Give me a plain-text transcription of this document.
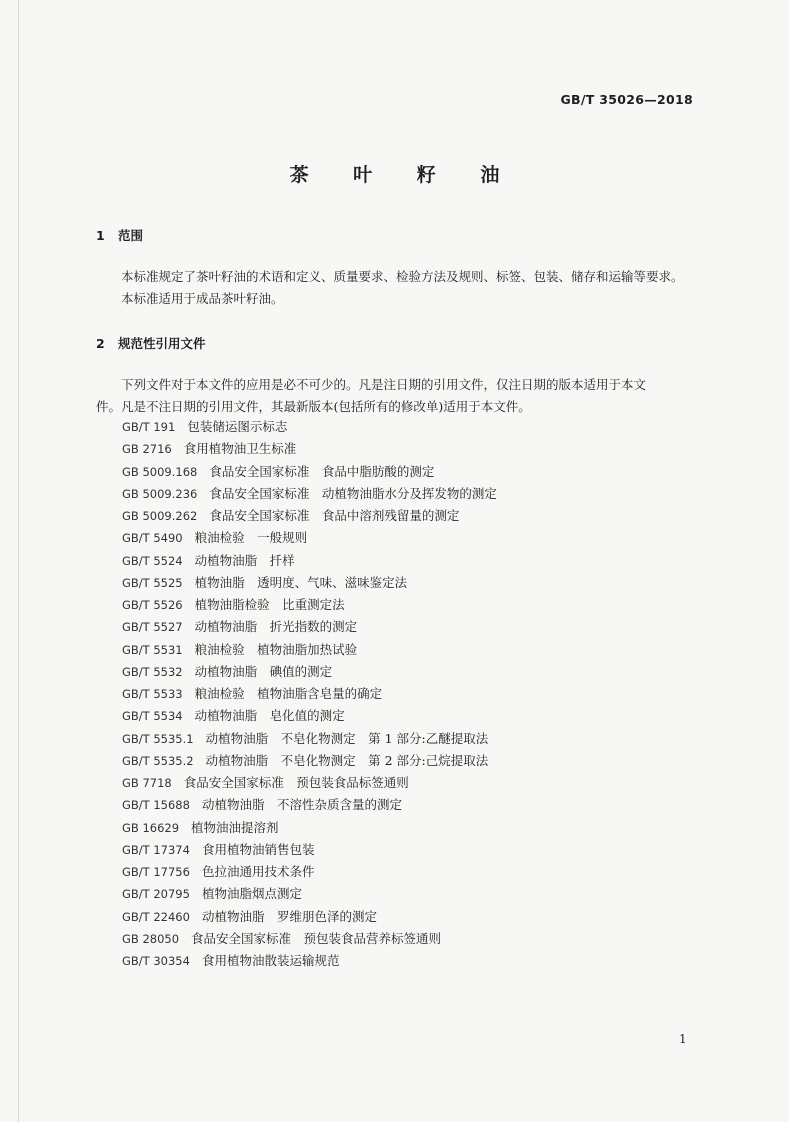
GB/T 35026—2018
茶 叶 籽 油
1 范围
本标准规定了茶叶籽油的术语和定义、质量要求、检验方法及规则、标签、包装、储存和运输等要求。
本标准适用于成品茶叶籽油。
2 规范性引用文件
下列文件对于本文件的应用是必不可少的。凡是注日期的引用文件，仅注日期的版本适用于本文
件。凡是不注日期的引用文件，其最新版本(包括所有的修改单)适用于本文件。
GB/T 191 包装储运图示标志
GB 2716 食用植物油卫生标准
GB 5009.168 食品安全国家标准　食品中脂肪酸的测定
GB 5009.236 食品安全国家标准　动植物油脂水分及挥发物的测定
GB 5009.262 食品安全国家标准　食品中溶剂残留量的测定
GB/T 5490 粮油检验　一般规则
GB/T 5524 动植物油脂　扦样
GB/T 5525 植物油脂　透明度、气味、滋味鉴定法
GB/T 5526 植物油脂检验　比重测定法
GB/T 5527 动植物油脂　折光指数的测定
GB/T 5531 粮油检验　植物油脂加热试验
GB/T 5532 动植物油脂　碘值的测定
GB/T 5533 粮油检验　植物油脂含皂量的确定
GB/T 5534 动植物油脂　皂化值的测定
GB/T 5535.1 动植物油脂　不皂化物测定　第 1 部分:乙醚提取法
GB/T 5535.2 动植物油脂　不皂化物测定　第 2 部分:己烷提取法
GB 7718 食品安全国家标准　预包装食品标签通则
GB/T 15688 动植物油脂　不溶性杂质含量的测定
GB 16629 植物油油提溶剂
GB/T 17374 食用植物油销售包装
GB/T 17756 色拉油通用技术条件
GB/T 20795 植物油脂烟点测定
GB/T 22460 动植物油脂　罗维朋色泽的测定
GB 28050 食品安全国家标准　预包装食品营养标签通则
GB/T 30354 食用植物油散装运输规范
1
